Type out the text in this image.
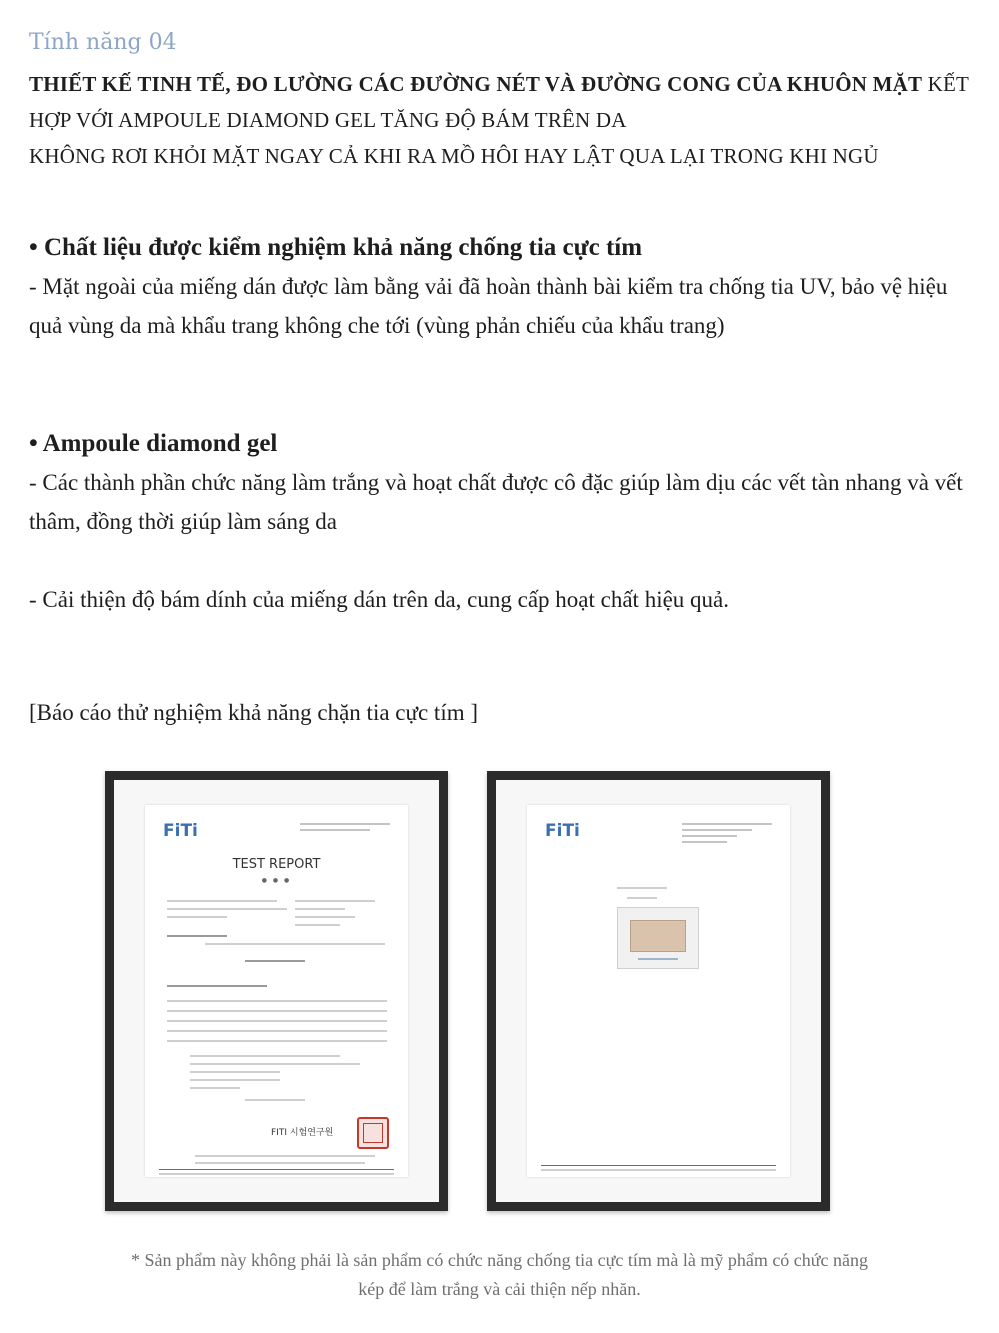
Tính năng 04
THIẾT KẾ TINH TẾ, ĐO LƯỜNG CÁC ĐƯỜNG NÉT VÀ ĐƯỜNG CONG CỦA KHUÔN MẶT KẾT HỢP VỚI AMPOULE DIAMOND GEL TĂNG ĐỘ BÁM TRÊN DA
KHÔNG RƠI KHỎI MẶT NGAY CẢ KHI RA MỒ HÔI HAY LẬT QUA LẠI TRONG KHI NGỦ
• Chất liệu được kiểm nghiệm khả năng chống tia cực tím
- Mặt ngoài của miếng dán được làm bằng vải đã hoàn thành bài kiểm tra chống tia UV, bảo vệ hiệu quả vùng da mà khẩu trang không che tới (vùng phản chiếu của khẩu trang)
• Ampoule diamond gel
- Các thành phần chức năng làm trắng và hoạt chất được cô đặc giúp làm dịu các vết tàn nhang và vết thâm, đồng thời giúp làm sáng da
- Cải thiện độ bám dính của miếng dán trên da, cung cấp hoạt chất hiệu quả.
[Báo cáo thử nghiệm khả năng chặn tia cực tím ]
FiTi
TEST REPORT
● ● ●
FITI 시험연구원
FiTi
* Sản phẩm này không phải là sản phẩm có chức năng chống tia cực tím mà là mỹ phẩm có chức năng
kép để làm trắng và cải thiện nếp nhăn.
